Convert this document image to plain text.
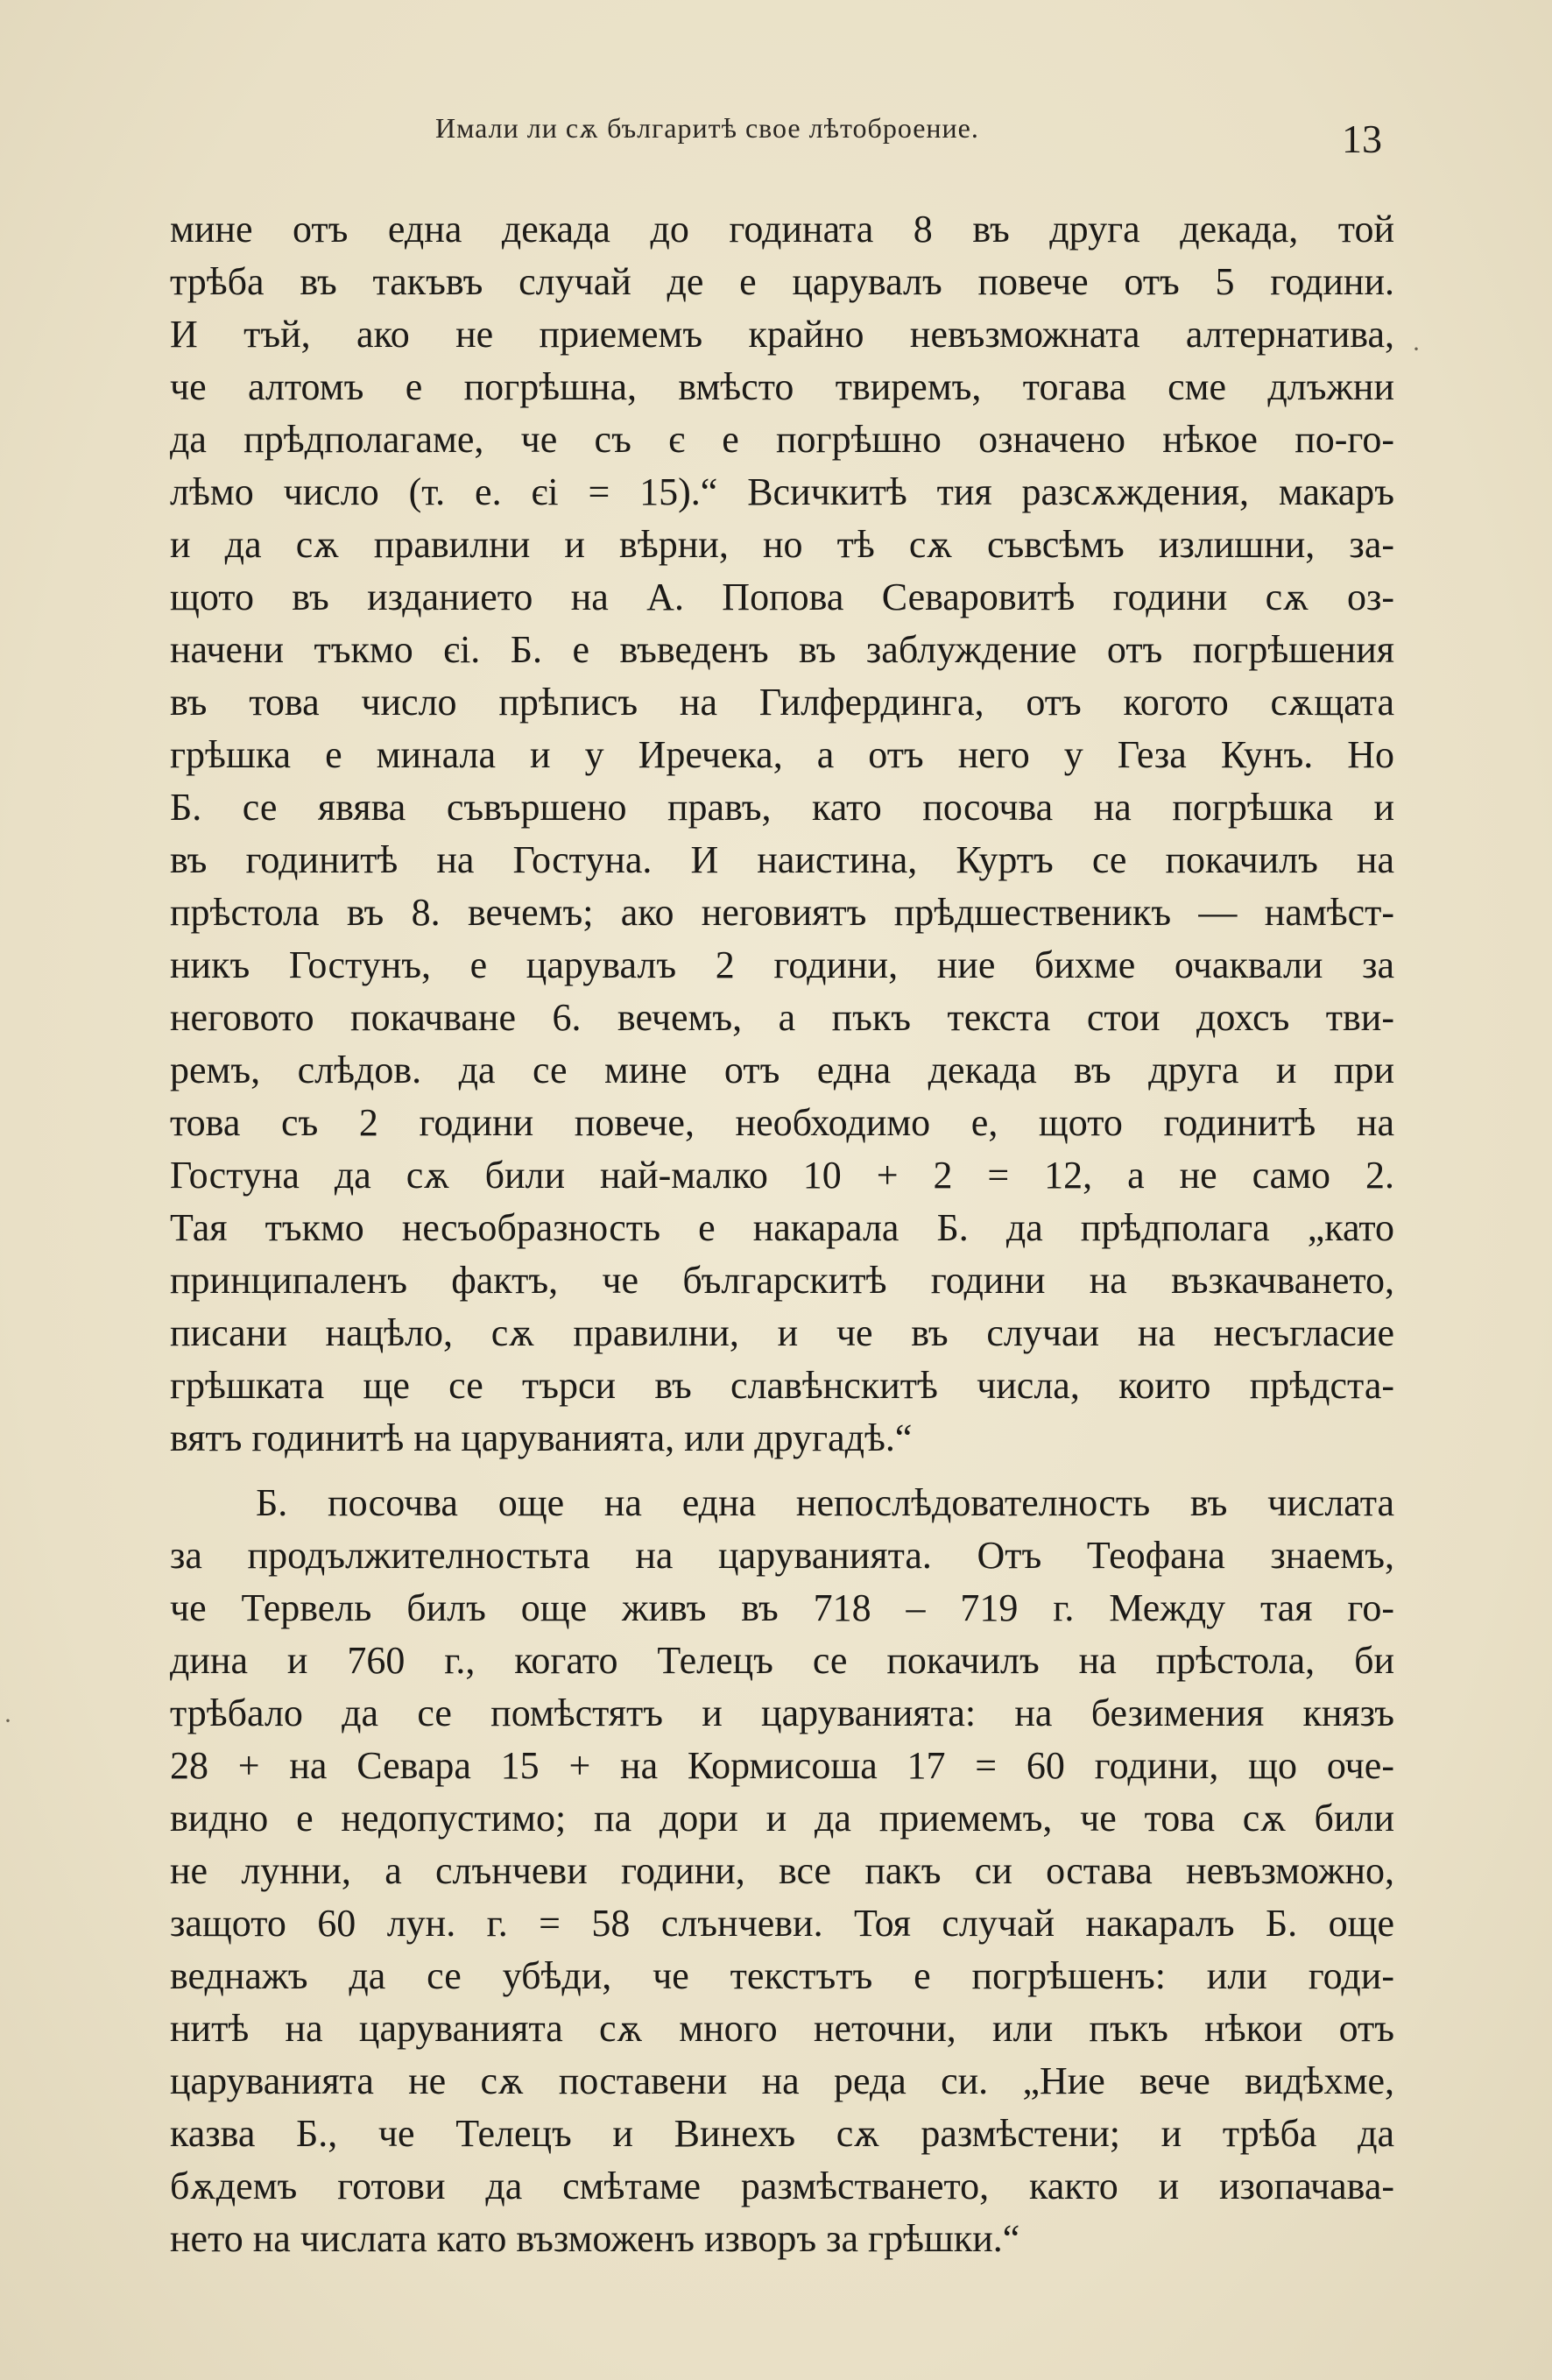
Имали ли сѫ българитѣ свое лѣтоброение.	13
мине отъ една декада до годината 8 въ друга декада, той
трѣба въ такъвъ случай де е царувалъ повече отъ 5 години.
И тъй, ако не приемемъ крайно невъзможната алтернатива,
че алтомъ е погрѣшна, вмѣсто твиремъ, тогава сме длъжни
да прѣдполагаме, че съ є е погрѣшно означено нѣкое по-го-
лѣмо число (т. е. єі = 15).“ Всичкитѣ тия разсѫждения, макаръ
и да сѫ правилни и вѣрни, но тѣ сѫ съвсѣмъ излишни, за-
щото въ изданието на А. Попова Севаровитѣ години сѫ оз-
начени тъкмо єі. Б. е въведенъ въ заблуждение отъ погрѣшения
въ това число прѣписъ на Гилфердинга, отъ когото сѫщата
грѣшка е минала и у Иречека, а отъ него у Геза Кунъ. Но
Б. се явява съвършено правъ, като посочва на погрѣшка и
въ годинитѣ на Гостуна. И наистина, Куртъ се покачилъ на
прѣстола въ 8. вечемъ; ако неговиятъ прѣдшественикъ — намѣст-
никъ Гостунъ, е царувалъ 2 години, ние бихме очаквали за
неговото покачване 6. вечемъ, а пъкъ текста стои дохсъ тви-
ремъ, слѣдов. да се мине отъ една декада въ друга и при
това съ 2 години повече, необходимо е, щото годинитѣ на
Гостуна да сѫ били най-малко 10 + 2 = 12, а не само 2.
Тая тъкмо несъобразность е накарала Б. да прѣдполага „като
принципаленъ фактъ, че българскитѣ години на възкачването,
писани нацѣло, сѫ правилни, и че въ случаи на несъгласие
грѣшката ще се търси въ славѣнскитѣ числа, които прѣдста-
вятъ годинитѣ на царуванията, или другадѣ.“
Б. посочва още на една непослѣдователность въ числата
за продължителностьта на царуванията. Отъ Теофана знаемъ,
че Тервель билъ още живъ въ 718 – 719 г. Между тая го-
дина и 760 г., когато Телецъ се покачилъ на прѣстола, би
трѣбало да се помѣстятъ и царуванията: на безимения князъ
28 + на Севара 15 + на Кормисоша 17 = 60 години, що оче-
видно е недопустимо; па дори и да приемемъ, че това сѫ били
не лунни, а слънчеви години, все пакъ си остава невъзможно,
защото 60 лун. г. = 58 слънчеви. Тоя случай накаралъ Б. още
веднажъ да се убѣди, че текстътъ е погрѣшенъ: или годи-
нитѣ на царуванията сѫ много неточни, или пъкъ нѣкои отъ
царуванията не сѫ поставени на реда си. „Ние вече видѣхме,
казва Б., че Телецъ и Винехъ сѫ размѣстени; и трѣба да
бѫдемъ готови да смѣтаме размѣстването, както и изопачава-
нето на числата като възможенъ изворъ за грѣшки.“
·
·
